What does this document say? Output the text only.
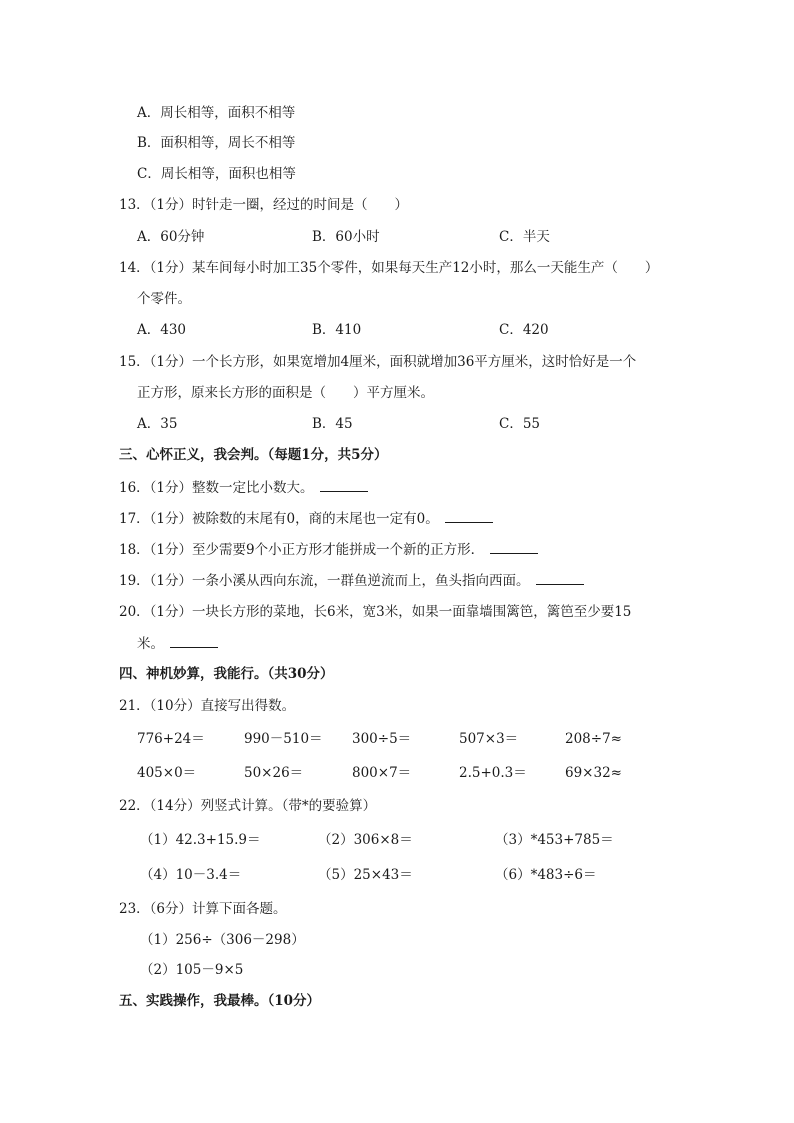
A．周长相等，面积不相等
B．面积相等，周长不相等
C．周长相等，面积也相等
13．（1分）时针走一圈，经过的时间是（　　）
A．60分钟	B．60小时	C．半天
14．（1分）某车间每小时加工35个零件，如果每天生产12小时，那么一天能生产（　　）
个零件。
A．430	B．410	C．420
15．（1分）一个长方形，如果宽增加4厘米，面积就增加36平方厘米，这时恰好是一个
正方形，原来长方形的面积是（　　）平方厘米。
A．35	B．45	C．55
三、心怀正义，我会判。（每题1分，共5分）
16．（1分）整数一定比小数大。
17．（1分）被除数的末尾有0，商的末尾也一定有0。
18．（1分）至少需要9个小正方形才能拼成一个新的正方形．
19．（1分）一条小溪从西向东流，一群鱼逆流而上，鱼头指向西面。
20．（1分）一块长方形的菜地，长6米，宽3米，如果一面靠墙围篱笆，篱笆至少要15
米。
四、神机妙算，我能行。（共30分）
21．（10分）直接写出得数。
776+24＝	990－510＝ 300÷5＝	507×3＝	208÷7≈
405×0＝	50×26＝	800×7＝	2.5+0.3＝	69×32≈
22．（14分）列竖式计算。（带*的要验算）
（1）42.3+15.9＝	（2）306×8＝	（3）*453+785＝
（4）10－3.4＝	（5）25×43＝	（6）*483÷6＝
23．（6分）计算下面各题。
（1）256÷（306－298）
（2）105－9×5
五、实践操作，我最棒。（10分）
